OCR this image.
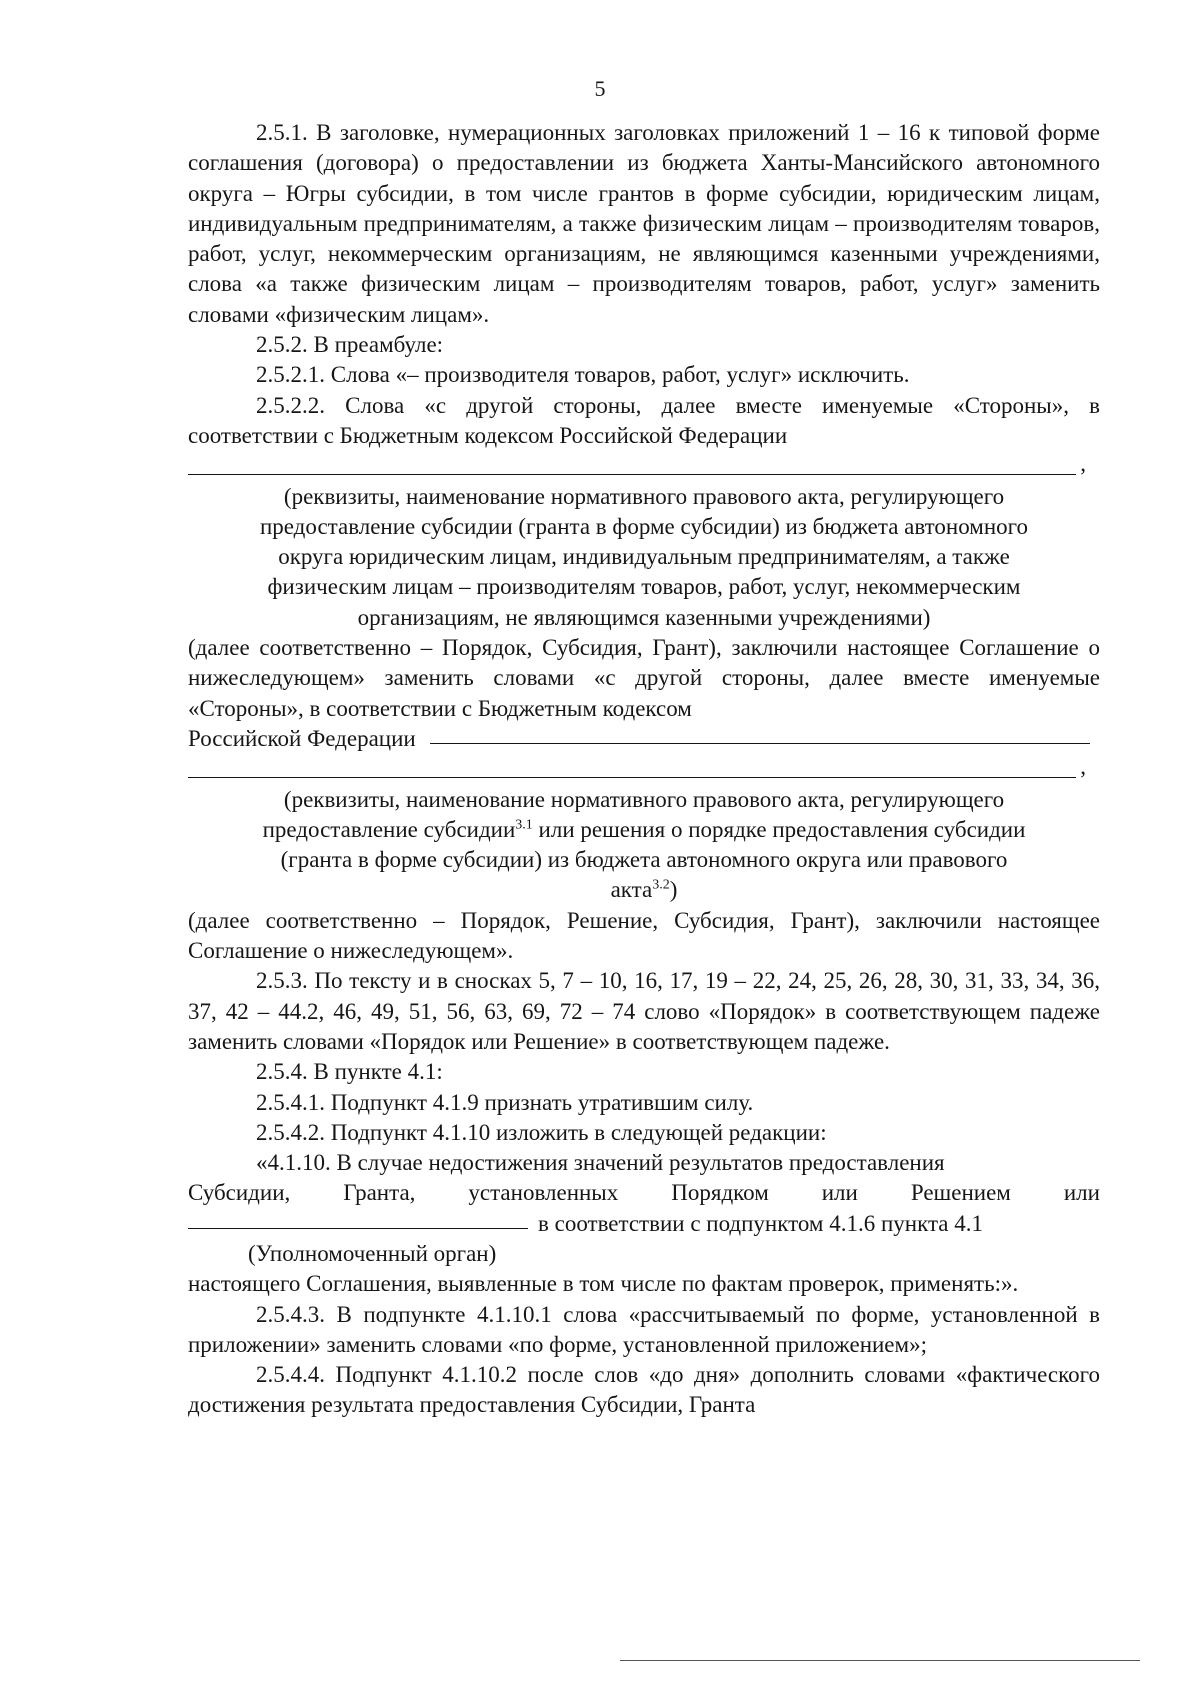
5

2.5.1. В заголовке, нумерационных заголовках приложений 1 – 16 к типовой форме соглашения (договора) о предоставлении из бюджета Ханты-Мансийского автономного округа – Югры субсидии, в том числе грантов в форме субсидии, юридическим лицам, индивидуальным предпринимателям, а также физическим лицам – производителям товаров, работ, услуг, некоммерческим организациям, не являющимся казенными учреждениями, слова «а также физическим лицам – производителям товаров, работ, услуг» заменить словами «физическим лицам».

2.5.2. В преамбуле:

2.5.2.1. Слова «– производителя товаров, работ, услуг» исключить.

2.5.2.2. Слова «с другой стороны, далее вместе именуемые «Стороны», в соответствии с Бюджетным кодексом Российской Федерации

,

(реквизиты, наименование нормативного правового акта, регулирующего

предоставление субсидии (гранта в форме субсидии) из бюджета автономного

округа юридическим лицам, индивидуальным предпринимателям, а также

физическим лицам – производителям товаров, работ, услуг, некоммерческим

организациям, не являющимся казенными учреждениями)

(далее соответственно – Порядок, Субсидия, Грант), заключили настоящее Соглашение о нижеследующем» заменить словами «с другой стороны, далее вместе именуемые «Стороны», в соответствии с Бюджетным кодексом

Российской Федерации
,

(реквизиты, наименование нормативного правового акта, регулирующего

предоставление субсидии$^{3.1}$ или решения о порядке предоставления субсидии

(гранта в форме субсидии) из бюджета автономного округа или правового

акта$^{3.2}$)

(далее соответственно – Порядок, Решение, Субсидия, Грант), заключили настоящее Соглашение о нижеследующем».

2.5.3. По тексту и в сносках 5, 7 – 10, 16, 17, 19 – 22, 24, 25, 26, 28, 30, 31, 33, 34, 36, 37, 42 – 44.2, 46, 49, 51, 56, 63, 69, 72 – 74 слово «Порядок» в соответствующем падеже заменить словами «Порядок или Решение» в соответствующем падеже.

2.5.4. В пункте 4.1:

2.5.4.1. Подпункт 4.1.9 признать утратившим силу.

2.5.4.2. Подпункт 4.1.10 изложить в следующей редакции:

«4.1.10. В случае недостижения значений результатов предоставления

Субсидии, Гранта, установленных Порядком или Решением или
в соответствии с подпунктом 4.1.6 пункта 4.1

(Уполномоченный орган)

настоящего Соглашения, выявленные в том числе по фактам проверок, применять:».

2.5.4.3. В подпункте 4.1.10.1 слова «рассчитываемый по форме, установленной в приложении» заменить словами «по форме, установленной приложением»;

2.5.4.4. Подпункт 4.1.10.2 после слов «до дня» дополнить словами «фактического достижения результата предоставления Субсидии, Гранта
